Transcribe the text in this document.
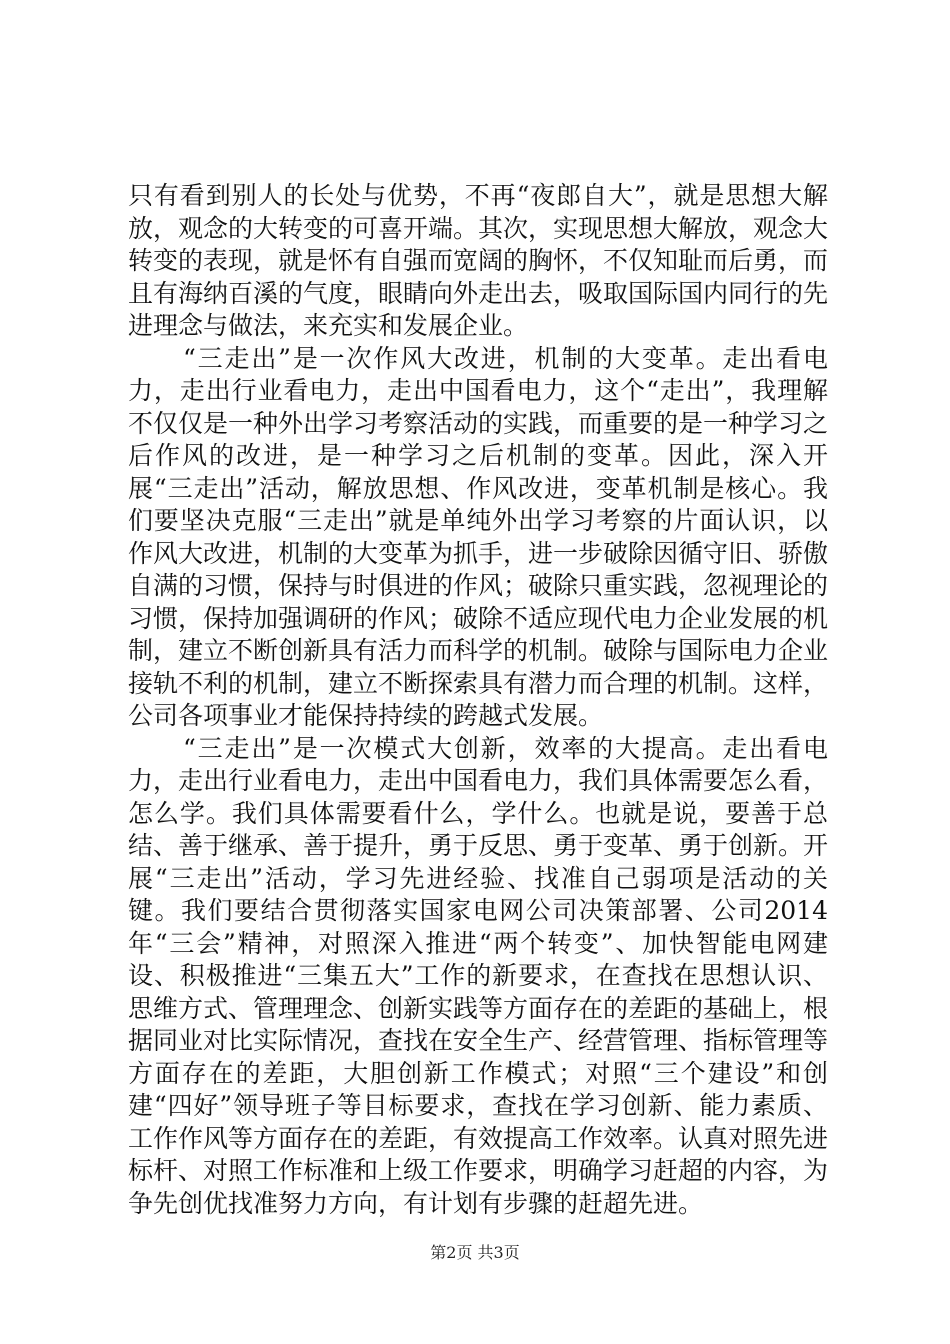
只有看到别人的长处与优势，不再“夜郎自大”，就是思想大解放，观念的大转变的可喜开端。其次，实现思想大解放，观念大转变的表现，就是怀有自强而宽阔的胸怀，不仅知耻而后勇，而且有海纳百溪的气度，眼睛向外走出去，吸取国际国内同行的先进理念与做法，来充实和发展企业。

“三走出”是一次作风大改进，机制的大变革。走出看电力，走出行业看电力，走出中国看电力，这个“走出”，我理解不仅仅是一种外出学习考察活动的实践，而重要的是一种学习之后作风的改进，是一种学习之后机制的变革。因此，深入开展“三走出”活动，解放思想、作风改进，变革机制是核心。我们要坚决克服“三走出”就是单纯外出学习考察的片面认识，以作风大改进，机制的大变革为抓手，进一步破除因循守旧、骄傲自满的习惯，保持与时俱进的作风；破除只重实践，忽视理论的习惯，保持加强调研的作风；破除不适应现代电力企业发展的机制，建立不断创新具有活力而科学的机制。破除与国际电力企业接轨不利的机制，建立不断探索具有潜力而合理的机制。这样，公司各项事业才能保持持续的跨越式发展。

“三走出”是一次模式大创新，效率的大提高。走出看电力，走出行业看电力，走出中国看电力，我们具体需要怎么看，怎么学。我们具体需要看什么，学什么。也就是说，要善于总结、善于继承、善于提升，勇于反思、勇于变革、勇于创新。开展“三走出”活动，学习先进经验、找准自己弱项是活动的关键。我们要结合贯彻落实国家电网公司决策部署、公司2014年“三会”精神，对照深入推进“两个转变”、加快智能电网建设、积极推进“三集五大”工作的新要求，在查找在思想认识、思维方式、管理理念、创新实践等方面存在的差距的基础上，根据同业对比实际情况，查找在安全生产、经营管理、指标管理等方面存在的差距，大胆创新工作模式；对照“三个建设”和创建“四好”领导班子等目标要求，查找在学习创新、能力素质、工作作风等方面存在的差距，有效提高工作效率。认真对照先进标杆、对照工作标准和上级工作要求，明确学习赶超的内容，为争先创优找准努力方向，有计划有步骤的赶超先进。

第2页 共3页
